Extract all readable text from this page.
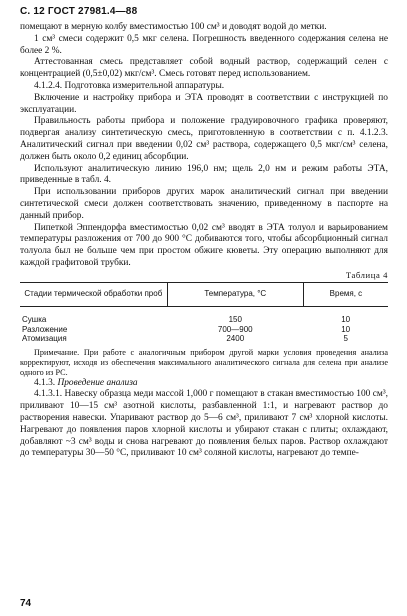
С. 12 ГОСТ 27981.4—88

помещают в мерную колбу вместимостью 100 см³ и доводят водой до метки.

1 см³ смеси содержит 0,5 мкг селена. Погрешность введенного содержания селена не более 2 %.

Аттестованная смесь представляет собой водный раствор, содержащий селен с концентрацией (0,5±0,02) мкг/см³. Смесь готовят перед использованием.

4.1.2.4. Подготовка измерительной аппаратуры.

Включение и настройку прибора и ЭТА проводят в соответствии с инструкцией по эксплуатации.

Правильность работы прибора и положение градуировочного графика проверяют, подвергая анализу синтетическую смесь, приготовленную в соответствии с п. 4.1.2.3. Аналитический сигнал при введении 0,02 см³ раствора, содержащего 0,5 мкг/см³ селена, должен быть около 0,2 единиц абсорбции.

Используют аналитическую линию 196,0 нм; щель 2,0 нм и режим работы ЭТА, приведенные в табл. 4.

При использовании приборов других марок аналитический сигнал при введении синтетической смеси должен соответствовать значению, приведенному в паспорте на данный прибор.

Пипеткой Эппендорфа вместимостью 0,02 см³ вводят в ЭТА толуол и варьированием температуры разложения от 700 до 900 °С добиваются того, чтобы абсорбционный сигнал толуола был не больше чем при простом обжиге кюветы. Эту операцию выполняют для каждой графитовой трубки.

Таблица 4

Стадии термической обработки проб	Температура, °С	Время, с
Сушка	150	10
Разложение	700—900	10
Атомизация	2400	5

Примечание. При работе с аналогичным прибором другой марки условия проведения анализа корректируют, исходя из обеспечения максимального аналитического сигнала для селена при анализе одного из РС.

4.1.3. Проведение анализа

4.1.3.1. Навеску образца меди массой 1,000 г помещают в стакан вместимостью 100 см³, приливают 10—15 см³ азотной кислоты, разбавленной 1:1, и нагревают раствор до растворения навески. Упаривают раствор до 5—6 см³, приливают 7 см³ хлорной кислоты. Нагревают до появления паров хлорной кислоты и убирают стакан с плиты; охлаждают, добавляют ~3 см³ воды и снова нагревают до появления белых паров. Раствор охлаждают до температуры 30—50 °С, приливают 10 см³ соляной кислоты, нагревают до темпе-

74
